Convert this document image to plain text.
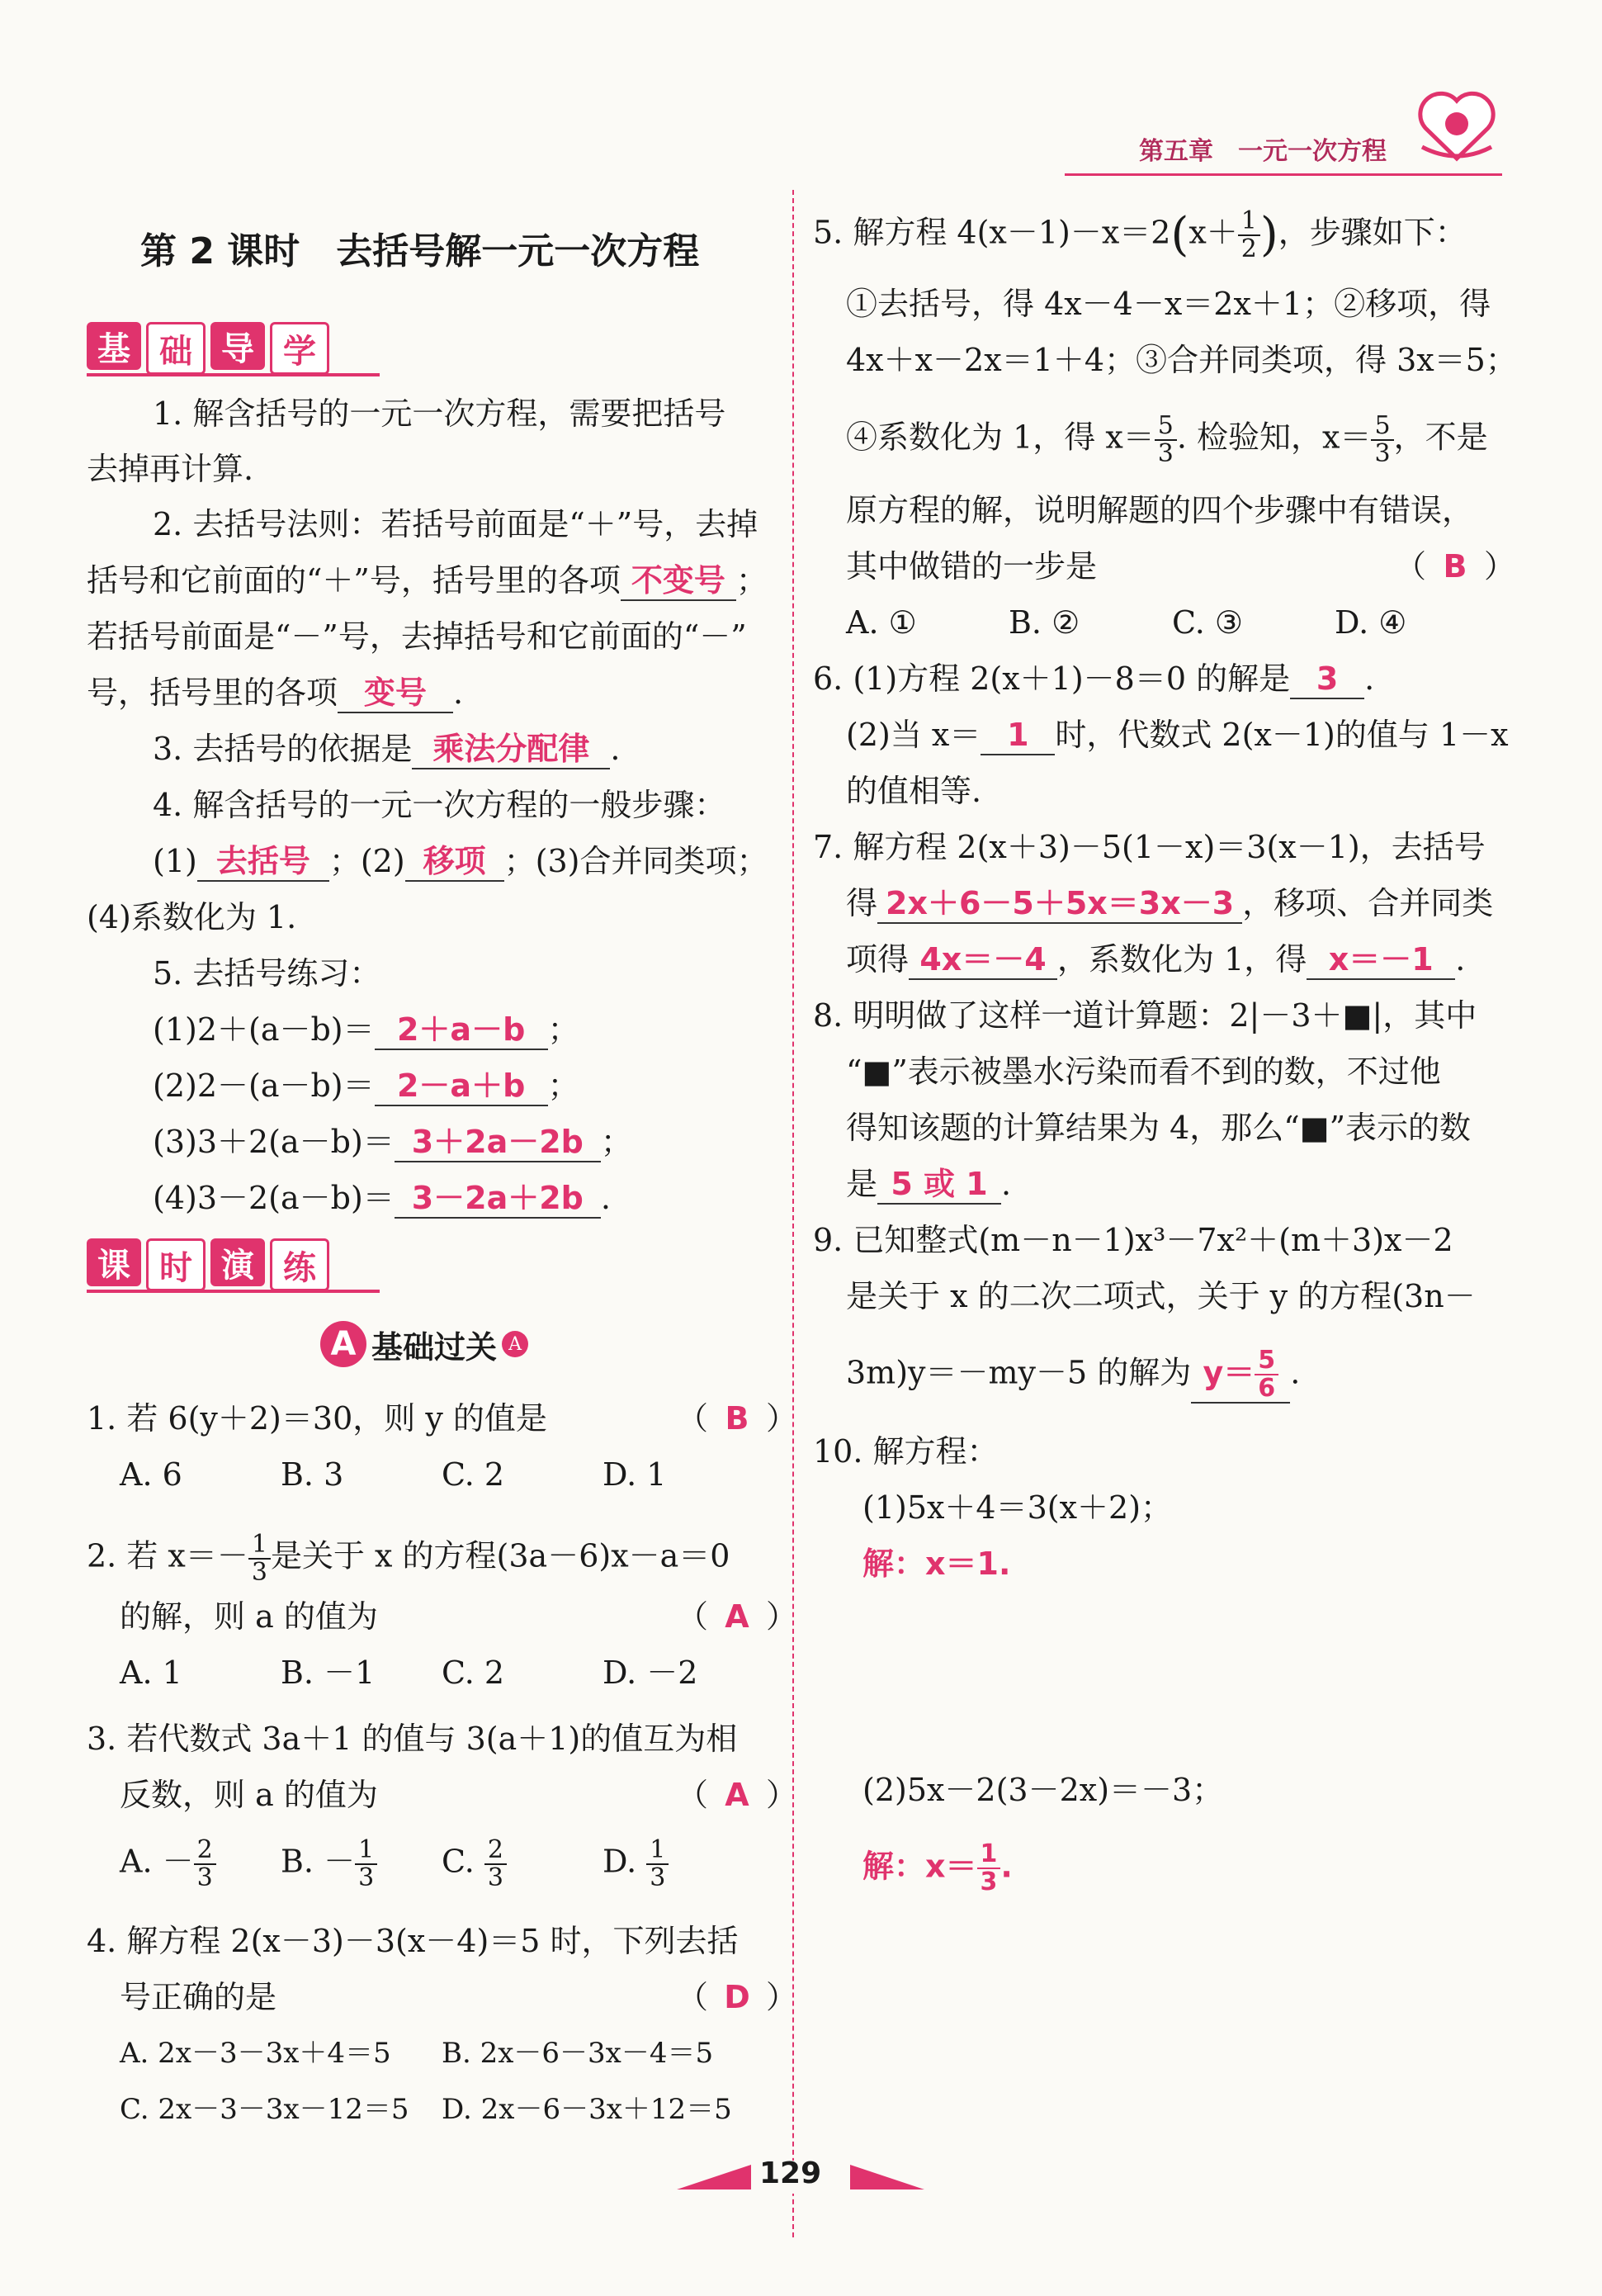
第五章　一元一次方程
第 2 课时　去括号解一元一次方程
基 础 导 学
1. 解含括号的一元一次方程，需要把括号
去掉再计算.
2. 去括号法则：若括号前面是“＋”号，去掉
括号和它前面的“＋”号，括号里的各项 不变号 ；
若括号前面是“－”号，去掉括号和它前面的“－”
号，括号里的各项 变号 .
3. 去括号的依据是 乘法分配律 .
4. 解含括号的一元一次方程的一般步骤：
(1) 去括号 ；(2) 移项 ；(3)合并同类项；
(4)系数化为 1.
5. 去括号练习：
(1)2＋(a－b)＝ 2＋a－b ；
(2)2－(a－b)＝ 2－a＋b ；
(3)3＋2(a－b)＝ 3＋2a－2b ；
(4)3－2(a－b)＝ 3－2a＋2b .
课 时 演 练
A 基础过关 A
1. 若 6(y＋2)＝30，则 y 的值是	（ B ）
A. 6	B. 3	C. 2	D. 1
2. 若 $x=- \frac{1}{3}$ 是关于 x 的方程(3a－6)x－a＝0
的解，则 a 的值为	（ A ）
A. 1	B. －1 C. 2	D. －2
3. 若代数式 3a＋1 的值与 3(a＋1)的值互为相
反数，则 a 的值为	（ A ）
A. － $\frac{2}{3} B$. － $\frac{1}{3} C$. $\frac{2}{3}$	D. $\frac{1}{3}$
4. 解方程 2(x－3)－3(x－4)＝5 时，下列去括
号正确的是	（ D ）
A. 2x－3－3x＋4＝5 B. 2x－6－3x－4＝5
C. 2x－3－3x－12＝5 D. 2x－6－3x＋12＝5
5. 解方程 $4(x-1)-x=2(x+ \frac{1}{2}$ )，步骤如下：
①去括号，得 4x－4－x＝2x＋1；②移项，得
4x＋x－2x＝1＋4；③合并同类项，得 3x＝5；
④系数化为 1，得 $x= \frac{5}{3}$ . 检验知，$x= \frac{5}{3}$ ，不是
原方程的解，说明解题的四个步骤中有错误，
其中做错的一步是	（ B ）
A. ①	B. ②	C. ③	D. ④
6. (1)方程 2(x＋1)－8＝0 的解是 3 .
(2)当 x＝ 1 时，代数式 2(x－1)的值与 1－x
的值相等.
7. 解方程 2(x＋3)－5(1－x)＝3(x－1)，去括号
得 2x＋6－5＋5x＝3x－3 ，移项、合并同类
项得 4x＝－4 ，系数化为 1，得 x＝－1 .
8. 明明做了这样一道计算题：2|－3＋■|，其中
“■”表示被墨水污染而看不到的数，不过他
得知该题的计算结果为 4，那么“■”表示的数
是 5 或 1 .
9. 已知整式(m－n－1)x³－7x²＋(m＋3)x－2
是关于 x 的二次二项式，关于 y 的方程(3n－
3m)y＝－my－5 的解为 $y= \frac{5}{6}$ .
10. 解方程：
(1)5x＋4＝3(x＋2)；
解：x＝1.
(2)5x－2(3－2x)＝－3；
解：$x= \frac{1}{3}$ .
129
